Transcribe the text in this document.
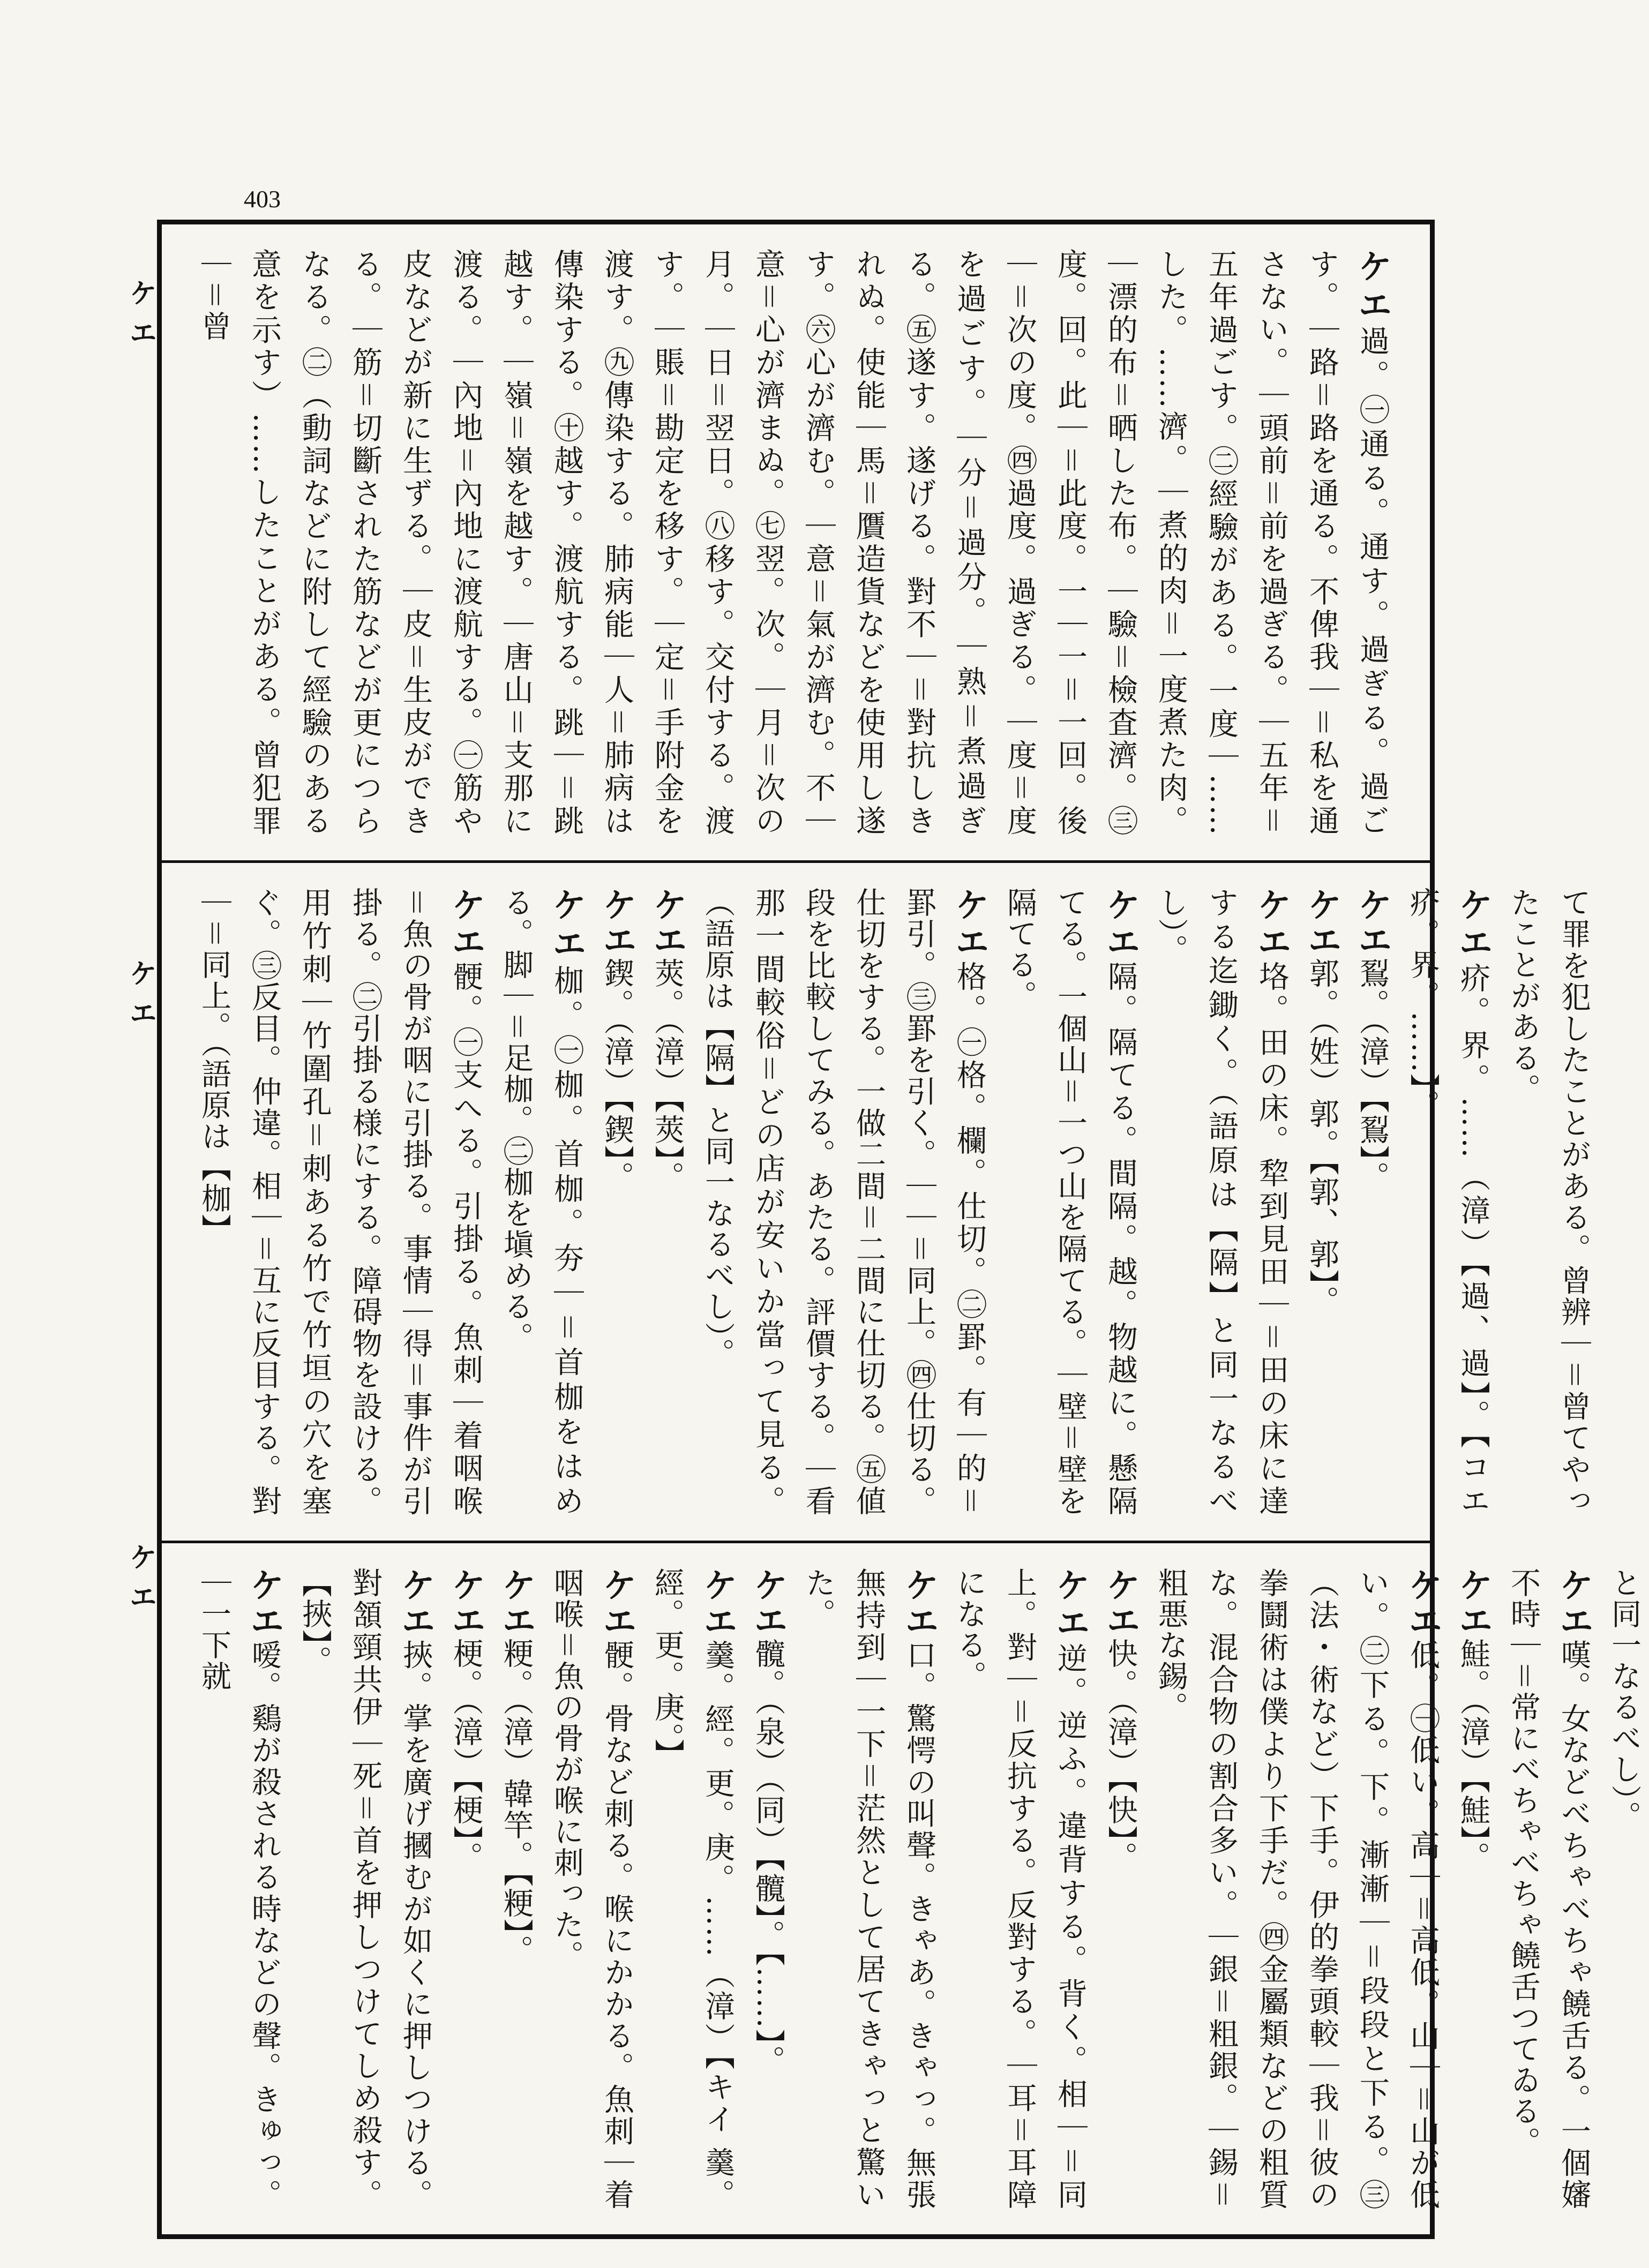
403
ケエ
ケエ
ケエ

ケエ過。㊀通る。通す。過ぎる。過ごす。｜路＝路を通る。不俾我｜＝私を通さない。｜頭前＝前を過ぎる。｜五年＝五年過ごす。㊁經驗がある。一度｜……した。……濟。｜煮的肉＝一度煮た肉。｜漂的布＝晒した布。｜驗＝檢査濟。㊂度。回。此｜＝此度。一｜一＝一回。後｜＝次の度。㊃過度。過ぎる。｜度＝度を過ごす。｜分＝過分。｜熟＝煮過ぎる。㊄遂す。遂げる。對不｜＝對抗しきれぬ。使能｜馬＝贋造貨などを使用し遂す。㊅心が濟む。｜意＝氣が濟む。不｜意＝心が濟まぬ。㊆翌。次。｜月＝次の月。｜日＝翌日。㊇移す。交付する。渡す。｜賬＝勘定を移す。｜定＝手附金を渡す。㊈傳染する。肺病能｜人＝肺病は傳染する。㊉越す。渡航する。跳｜＝跳越す。｜嶺＝嶺を越す。｜唐山＝支那に渡る。｜內地＝內地に渡航する。㊀筋や皮などが新に生ずる。｜皮＝生皮ができる。｜筋＝切斷された筋などが更につらなる。㊁（動詞などに附して經驗のある意を示す）……したことがある。曾犯罪｜＝曾

て罪を犯したことがある。曾辨｜＝曾てやったことがある。

ケエ疥。界。……（漳）【過、過】。【コエ 疥。界。……】。

ケエ鴷。（漳）【鴷】。

ケエ郭。（姓）郭。【郭、郭】。

ケエ垎。田の床。犂到見田｜＝田の床に達する迄鋤く。（語原は【隔】と同一なるべし）。

ケエ隔。隔てる。間隔。越。物越に。懸隔てる。一個山＝一つ山を隔てる。｜壁＝壁を隔てる。

ケエ格。㊀格。欄。仕切。㊁罫。有｜的＝罫引。㊂罫を引く。｜｜＝同上。㊃仕切る。仕切をする。一做二間＝二間に仕切る。㊄値段を比較してみる。あたる。評價する。｜看那一間較俗＝どの店が安いか當って見る。（語原は【隔】と同一なるべし）。

ケエ莢。（漳）【莢】。

ケエ鍥。（漳）【鍥】。

ケエ枷。㊀枷。首枷。夯｜＝首枷をはめる。脚｜＝足枷。㊁枷を塡める。

ケエ骾。㊀支へる。引掛る。魚刺｜着咽喉＝魚の骨が咽に引掛る。事情｜得＝事件が引掛る。㊁引掛る様にする。障碍物を設ける。用竹刺｜竹圍孔＝刺ある竹で竹垣の穴を塞ぐ。㊂反目。仲違。相｜＝互に反目する。對｜＝同上。（語原は【枷】

と同一なるべし）。

ケエ嘆。女などべちゃべちゃ饒舌る。一個嬸不時｜＝常にべちゃべちゃ饒舌つてゐる。

ケエ鮭。（漳）【鮭】。

ケエ低。㊀低い。高｜＝高低。山｜＝山が低い。㊁下る。下。漸漸｜＝段段と下る。㊂（法・術など）下手。伊的拳頭較｜我＝彼の拳鬪術は僕より下手だ。㊃金屬類などの粗質な。混合物の割合多い。｜銀＝粗銀。｜錫＝粗悪な錫。

ケエ快。（漳）【快】。

ケエ逆。逆ふ。違背する。背く。相｜＝同上。對｜＝反抗する。反對する。｜耳＝耳障になる。

ケエ口。驚愕の叫聲。きゃあ。きゃっ。無張無持到｜一下＝茫然として居てきゃっと驚いた。

ケエ髖。（泉）（同）【髖】。【……】。

ケエ羹。經。更。庚。……（漳）【キイ 羹。經。更。庚。】

ケエ骾。骨など刺る。喉にかかる。魚刺｜着咽喉＝魚の骨が喉に刺った。

ケエ粳。（漳）韓竿。【粳】。

ケエ梗。（漳）【梗】。

ケエ挾。掌を廣げ摑むが如くに押しつける。對頷頸共伊｜死＝首を押しつけてしめ殺す。【挾】。

ケエ嗳。鷄が殺される時などの聲。きゅっ。｜一下就
